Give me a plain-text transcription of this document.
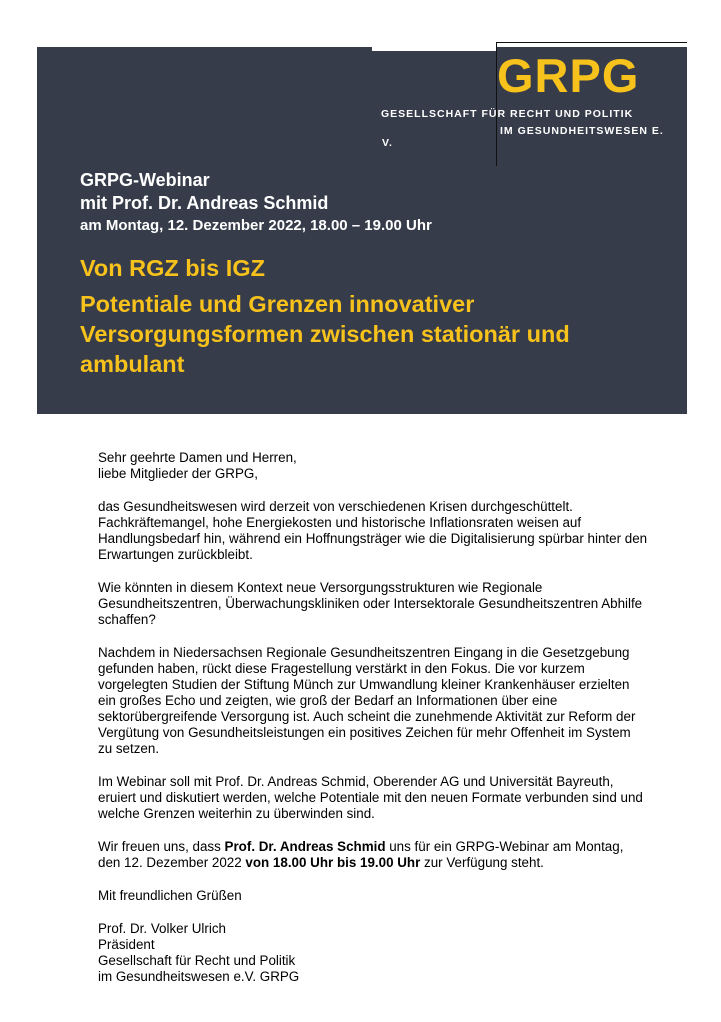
GRPG
GESELLSCHAFT FÜR RECHT UND POLITIK
IM GESUNDHEITSWESEN E.
V.
GRPG-Webinar
mit Prof. Dr. Andreas Schmid
am Montag, 12. Dezember 2022, 18.00 – 19.00 Uhr
Von RGZ bis IGZ
Potentiale und Grenzen innovativer
Versorgungsformen zwischen stationär und
ambulant

Sehr geehrte Damen und Herren,
liebe Mitglieder der GRPG,

das Gesundheitswesen wird derzeit von verschiedenen Krisen durchgeschüttelt.
Fachkräftemangel, hohe Energiekosten und historische Inflationsraten weisen auf
Handlungsbedarf hin, während ein Hoffnungsträger wie die Digitalisierung spürbar hinter den
Erwartungen zurückbleibt.

Wie könnten in diesem Kontext neue Versorgungsstrukturen wie Regionale
Gesundheitszentren, Überwachungskliniken oder Intersektorale Gesundheitszentren Abhilfe
schaffen?

Nachdem in Niedersachsen Regionale Gesundheitszentren Eingang in die Gesetzgebung
gefunden haben, rückt diese Fragestellung verstärkt in den Fokus. Die vor kurzem
vorgelegten Studien der Stiftung Münch zur Umwandlung kleiner Krankenhäuser erzielten
ein großes Echo und zeigten, wie groß der Bedarf an Informationen über eine
sektorübergreifende Versorgung ist. Auch scheint die zunehmende Aktivität zur Reform der
Vergütung von Gesundheitsleistungen ein positives Zeichen für mehr Offenheit im System
zu setzen.

Im Webinar soll mit Prof. Dr. Andreas Schmid, Oberender AG und Universität Bayreuth,
eruiert und diskutiert werden, welche Potentiale mit den neuen Formate verbunden sind und
welche Grenzen weiterhin zu überwinden sind.

Wir freuen uns, dass Prof. Dr. Andreas Schmid uns für ein GRPG-Webinar am Montag,
den 12. Dezember 2022 von 18.00 Uhr bis 19.00 Uhr zur Verfügung steht.

Mit freundlichen Grüßen

Prof. Dr. Volker Ulrich
Präsident
Gesellschaft für Recht und Politik
im Gesundheitswesen e.V. GRPG
